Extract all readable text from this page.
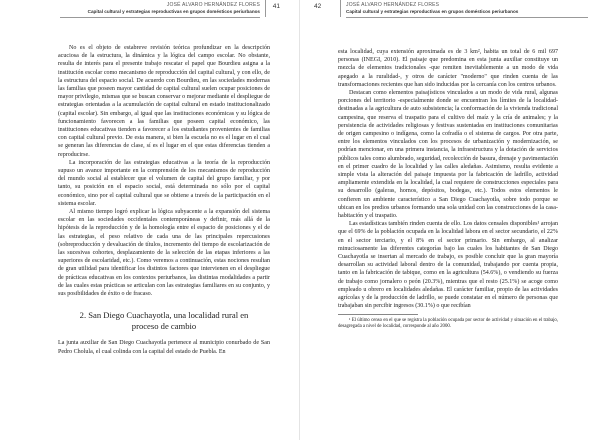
JOSÉ ALVARO HERNÁNDEZ FLORES
Capital cultural y estrategias reproductivas en grupos domésticos periurbanos
41

No es el objeto de estabreve revisión teórica profundizar en la descripción acuciosa de la estructura, la dinámica y la lógica del campo escolar. No obstante, resulta de interés para el presente trabajo rescatar el papel que Bourdieu asigna a la institución escolar como mecanismo de reproducción del capital cultural, y con ello, de la estructura del espacio social. De acuerdo con Bourdieu, en las sociedades modernas las familias que poseen mayor cantidad de capital cultural suelen ocupar posiciones de mayor privilegio, mismas que se buscan conservar o mejorar mediante el despliegue de estrategias orientadas a la acumulación de capital cultural en estado institucionalizado (capital escolar). Sin embargo, al igual que las instituciones económicas y su lógica de funcionamiento favorecen a las familias que poseen capital económico, las instituciones educativas tienden a favorecer a los estudiantes provenientes de familias con capital cultural previo. De esta manera, si bien la escuela no es el lugar en el cual se generan las diferencias de clase, sí es el lugar en el que estas diferencias tienden a reproducirse.

La incorporación de las estrategias educativas a la teoría de la reproducción supuso un avance importante en la comprensión de los mecanismos de reproducción del mundo social al establecer que el volumen de capital del grupo familiar, y por tanto, su posición en el espacio social, está determinada no sólo por el capital económico, sino por el capital cultural que se obtiene a través de la participación en el sistema escolar.

Al mismo tiempo logró explicar la lógica subyacente a la expansión del sistema escolar en las sociedades occidentales contemporáneas y definir, más allá de la hipótesis de la reproducción y de la homología entre el espacio de posiciones y el de las estrategias, el peso relativo de cada una de las principales repercusiones (sobreproducción y devaluación de títulos, incremento del tiempo de escolarización de las sucesivas cohortes, desplazamiento de la selección de las etapas inferiores a las superiores de escolaridad, etc.). Como veremos a continuación, estas nociones resultan de gran utilidad para identificar los distintos factores que intervienen en el despliegue de prácticas educativas en los contextos periurbanos, las distintas modalidades a partir de las cuales estas prácticas se articulan con las estrategias familiares en su conjunto, y sus posibilidades de éxito o de fracaso.

2. San Diego Cuachayotla, una localidad rural en proceso de cambio

La junta auxiliar de San Diego Cuachayotla pertenece al municipio conurbado de San Pedro Cholula, el cual colinda con la capital del estado de Puebla. En

42	JOSÉ ALVARO HERNÁNDEZ FLORES
Capital cultural y estrategias reproductivas en grupos domésticos periurbanos

esta localidad, cuya extensión aproximada es de 3 km², habita un total de 6 mil 697 personas (INEGI, 2010). El paisaje que predomina en esta junta auxiliar constituye un mezcla de elementos tradicionales -que remiten inevitablemente a un modo de vida apegado a la ruralidad-, y otros de carácter "moderno" que rinden cuenta de las transformaciones recientes que han sido inducidas por la cercanía con los centros urbanos.

Destacan como elementos paisajísticos vinculados a un modo de vida rural, algunas porciones del territorio -especialmente donde se encuentran los límites de la localidad- destinadas a la agricultura de auto subsistencia; la conformación de la vivienda tradicional campesina, que reserva el traspatio para el cultivo del maíz y la cría de animales; y la persistencia de actividades religiosas y festivas sustentadas en instituciones comunitarias de origen campesino o indígena, como la cofradía o el sistema de cargos. Por otra parte, entre los elementos vinculados con los procesos de urbanización y modernización, se podrían mencionar, en una primera instancia, la infraestructura y la dotación de servicios públicos tales como alumbrado, seguridad, recolección de basura, drenaje y pavimentación en el primer cuadro de la localidad y las calles aledañas. Asimismo, resulta evidente a simple vista la alteración del paisaje impuesta por la fabricación de ladrillo, actividad ampliamente extendida en la localidad, la cual requiere de construcciones especiales para su desarrollo (galeras, hornos, depósitos, bodegas, etc.). Todos estos elementos le confieren un ambiente característico a San Diego Cuachayotla, sobre todo porque se ubican en los predios urbanos formando una sola unidad con las construcciones de la casa-habitación y el traspatio.

Las estadísticas también rinden cuenta de ello. Los datos censales disponibles¹ arrojan que el 69% de la población ocupada en la localidad labora en el sector secundario, el 22% en el sector terciario, y el 8% en el sector primario. Sin embargo, al analizar minuciosamente las diferentes categorías bajo las cuales los habitantes de San Diego Cuachayotla se insertan al mercado de trabajo, es posible concluir que la gran mayoría desarrollan su actividad laboral dentro de la comunidad, trabajando por cuenta propia, tanto en la fabricación de tabique, como en la agricultura (54.6%), o vendiendo su fuerza de trabajo como jornalero o peón (20.3%), mientras que el resto (25.1%) se acoge como empleado u obrero en localidades aledañas. El carácter familiar, propio de las actividades agrícolas y de la producción de ladrillo, se puede constatar en el número de personas que trabajaban sin percibir ingresos (30.1%) o que recibían

¹ El último censo en el que se registra la población ocupada por sector de actividad y situación en el trabajo, desagregada a nivel de localidad, corresponde al año 2000.
